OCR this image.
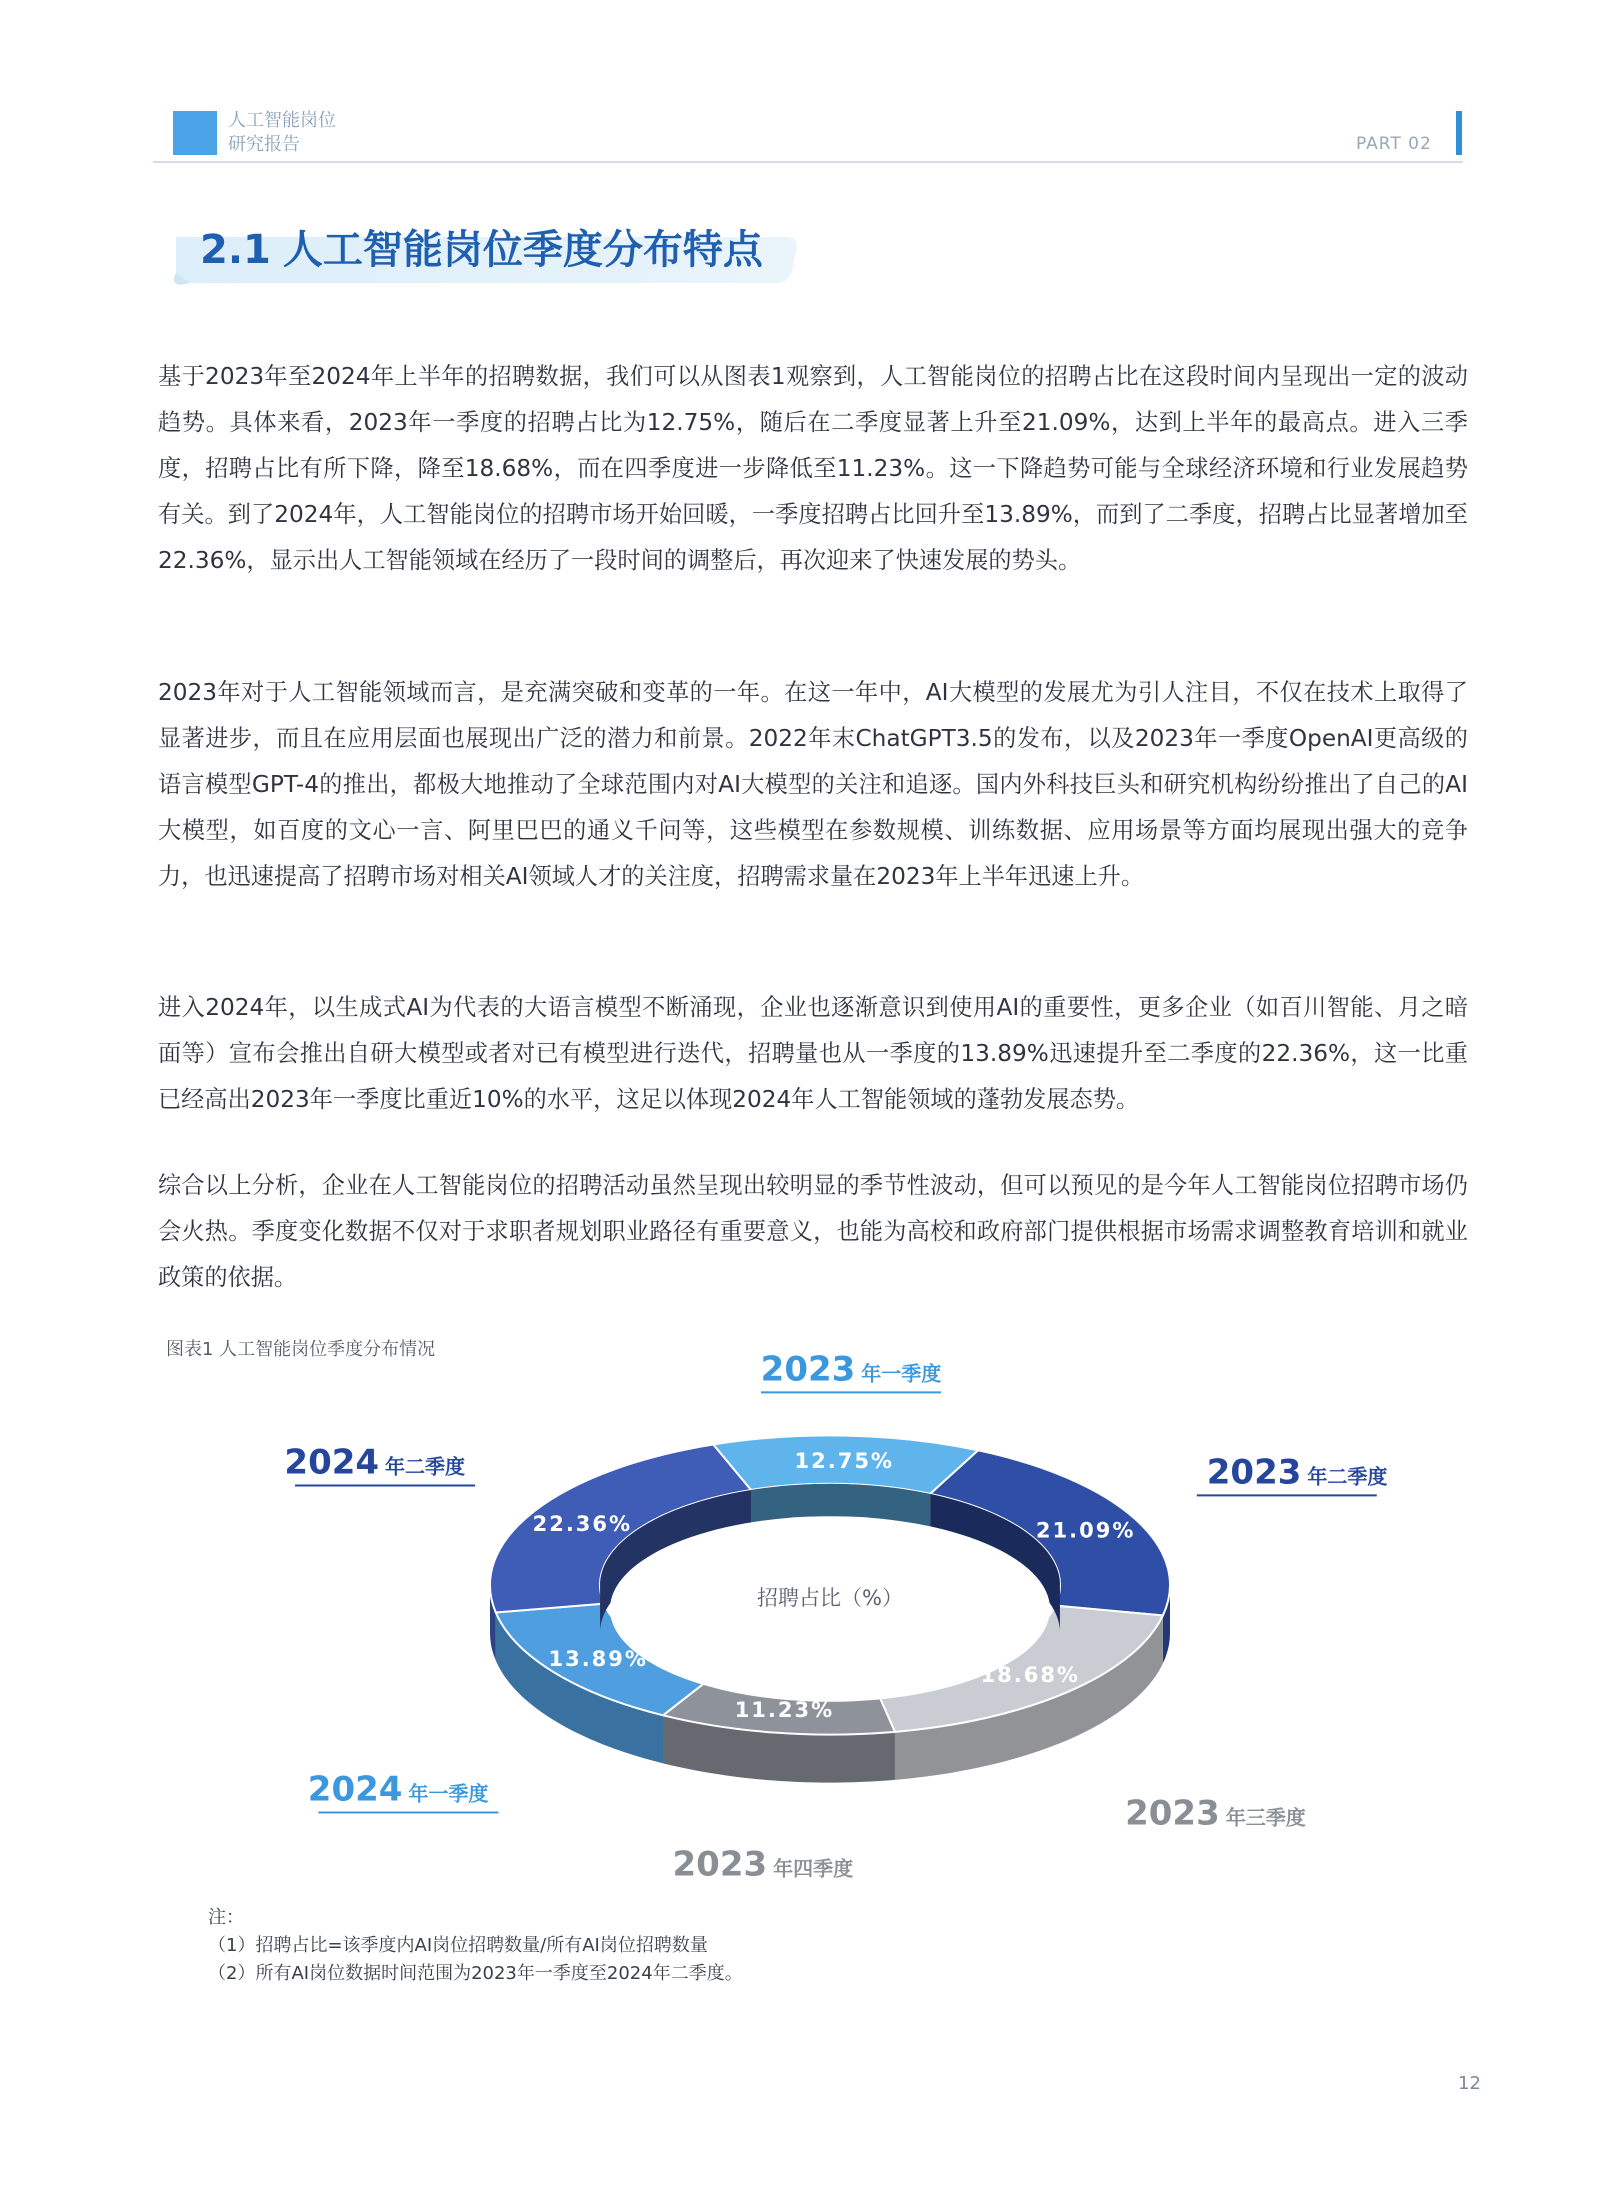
人工智能岗位
研究报告	PART 02
2.1 人工智能岗位季度分布特点
基于2023年至2024年上半年的招聘数据，我们可以从图表1观察到，人工智能岗位的招聘占比在这段时间内呈现出一定的波动趋势。具体来看，2023年一季度的招聘占比为12.75%，随后在二季度显著上升至21.09%，达到上半年的最高点。进入三季度，招聘占比有所下降，降至18.68%，而在四季度进一步降低至11.23%。这一下降趋势可能与全球经济环境和行业发展趋势有关。到了2024年，人工智能岗位的招聘市场开始回暖，一季度招聘占比回升至13.89%，而到了二季度，招聘占比显著增加至22.36%，显示出人工智能领域在经历了一段时间的调整后，再次迎来了快速发展的势头。
2023年对于人工智能领域而言，是充满突破和变革的一年。在这一年中，AI大模型的发展尤为引人注目，不仅在技术上取得了显著进步，而且在应用层面也展现出广泛的潜力和前景。2022年末ChatGPT3.5的发布，以及2023年一季度OpenAI更高级的语言模型GPT-4的推出，都极大地推动了全球范围内对AI大模型的关注和追逐。国内外科技巨头和研究机构纷纷推出了自己的AI大模型，如百度的文心一言、阿里巴巴的通义千问等，这些模型在参数规模、训练数据、应用场景等方面均展现出强大的竞争力，也迅速提高了招聘市场对相关AI领域人才的关注度，招聘需求量在2023年上半年迅速上升。
进入2024年，以生成式AI为代表的大语言模型不断涌现，企业也逐渐意识到使用AI的重要性，更多企业（如百川智能、月之暗面等）宣布会推出自研大模型或者对已有模型进行迭代，招聘量也从一季度的13.89%迅速提升至二季度的22.36%，这一比重已经高出2023年一季度比重近10%的水平，这足以体现2024年人工智能领域的蓬勃发展态势。
综合以上分析，企业在人工智能岗位的招聘活动虽然呈现出较明显的季节性波动，但可以预见的是今年人工智能岗位招聘市场仍会火热。季度变化数据不仅对于求职者规划职业路径有重要意义，也能为高校和政府部门提供根据市场需求调整教育培训和就业政策的依据。
图表1 人工智能岗位季度分布情况
招聘占比（%）
12.75%
21.09%
18.68%
11.23%
13.89%
22.36%
2023 年一季度
2023 年二季度
2023 年三季度
2023 年四季度
2024 年一季度
2024 年二季度
注：
（1）招聘占比=该季度内AI岗位招聘数量/所有AI岗位招聘数量
（2）所有AI岗位数据时间范围为2023年一季度至2024年二季度。
12
